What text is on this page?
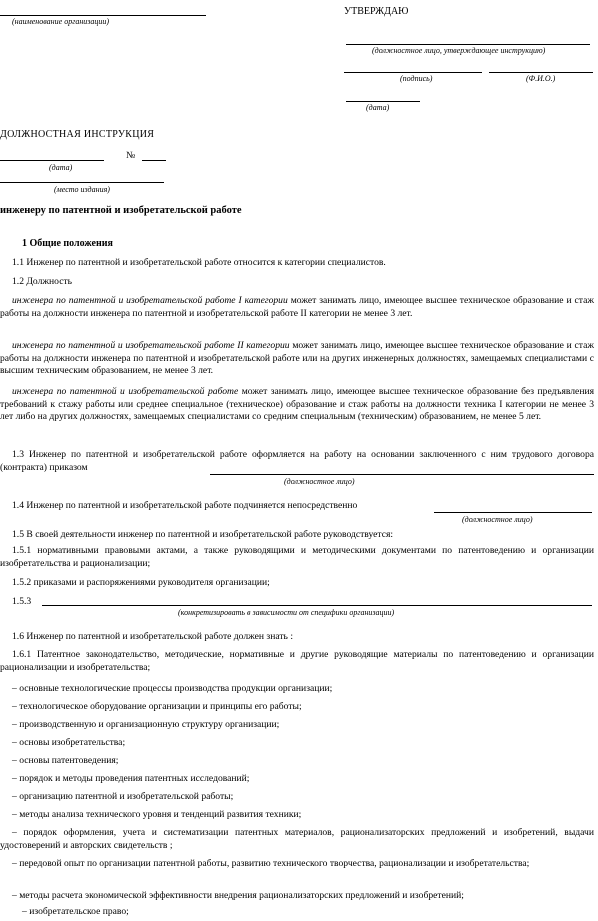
(наименование организации)
УТВЕРЖДАЮ
(должностное лицо, утверждающее инструкцию)
(подпись)	(Ф.И.О.)
(дата)
ДОЛЖНОСТНАЯ ИНСТРУКЦИЯ
№
(дата)
(место издания)
инженеру по патентной и изобретательской работе
1 Общие положения
1.1 Инженер по патентной и изобретательской работе относится к категории специалистов.
1.2 Должность
инженера по патентной и изобретательской работе I категории может занимать лицо, имеющее высшее техническое образование и стаж работы на должности инженера по патентной и изобретательской работе II категории не менее 3 лет.
инженера по патентной и изобретательской работе II категории может занимать лицо, имеющее высшее техническое образование и стаж работы на должности инженера по патентной и изобретательской работе или на других инженерных должностях, замещаемых специалистами с высшим техническим образованием, не менее 3 лет.
инженера по патентной и изобретательской работе может занимать лицо, имеющее высшее техническое образование без предъявления требований к стажу работы или среднее специальное (техническое) образование и стаж работы на должности техника I категории не менее 3 лет либо на других должностях, замещаемых специалистами со средним специальным (техническим) образованием, не менее 5 лет.
1.3 Инженер по патентной и изобретательской работе оформляется на работу на основании заключенного с ним трудового договора (контракта) приказом
(должностное лицо)
1.4 Инженер по патентной и изобретательской работе подчиняется непосредственно
(должностное лицо)
1.5 В своей деятельности инженер по патентной и изобретательской работе руководствуется:
1.5.1 нормативными правовыми актами, а также руководящими и методическими документами по патентоведению и организации изобретательства и рационализации;
1.5.2 приказами и распоряжениями руководителя организации;
1.5.3
(конкретизировать в зависимости от специфики организации)
1.6 Инженер по патентной и изобретательской работе должен знать :
1.6.1 Патентное законодательство, методические, нормативные и другие руководящие материалы по патентоведению и организации рационализации и изобретательства;
– основные технологические процессы производства продукции организации;
– технологическое оборудование организации и принципы его работы;
– производственную и организационную структуру организации;
– основы изобретательства;
– основы патентоведения;
– порядок и методы проведения патентных исследований;
– организацию патентной и изобретательской работы;
– методы анализа технического уровня и тенденций развития техники;
– порядок оформления, учета и систематизации патентных материалов, рационализаторских предложений и изобретений, выдачи удостоверений и авторских свидетельств ;
– передовой опыт по организации патентной работы, развитию технического творчества, рационализации и изобретательства;
– методы расчета экономической эффективности внедрения рационализаторских предложений и изобретений;
– изобретательское право;
